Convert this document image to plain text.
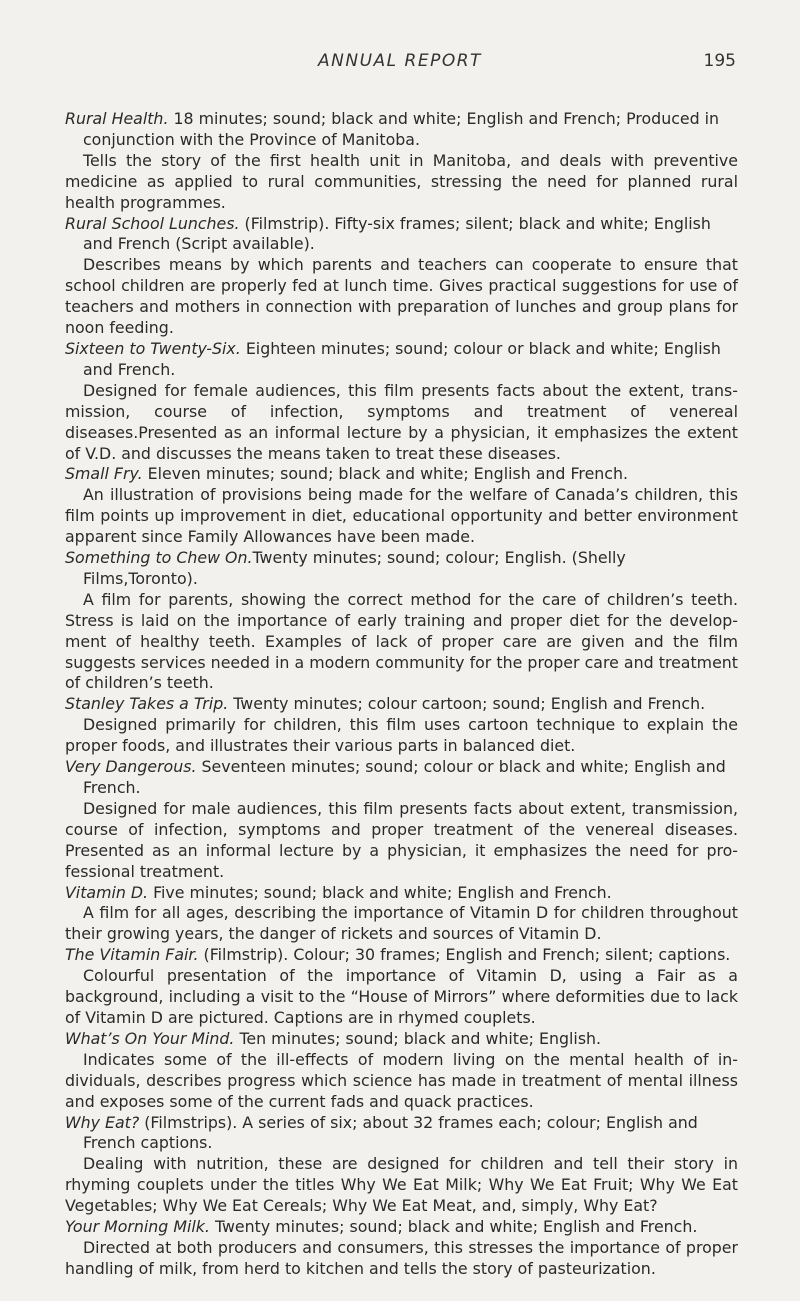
ANNUAL REPORT	195
Rural Health. 18 minutes; sound; black and white; English and French; Produced in conjunction with the Province of Manitoba.
Tells the story of the first health unit in Manitoba, and deals with preventive medicine as applied to rural communities, stressing the need for planned rural health programmes.
Rural School Lunches. (Filmstrip). Fifty-six frames; silent; black and white; English and French (Script available).
Describes means by which parents and teachers can cooperate to ensure that school children are properly fed at lunch time. Gives practical suggestions for use of teachers and mothers in connection with preparation of lunches and group plans for noon feeding.
Sixteen to Twenty-Six. Eighteen minutes; sound; colour or black and white; English and French.
Designed for female audiences, this film presents facts about the extent, transmission, course of infection, symptoms and treatment of venereal diseases.Presented as an informal lecture by a physician, it emphasizes the extent of V.D. and discusses the means taken to treat these diseases.
Small Fry. Eleven minutes; sound; black and white; English and French.
An illustration of provisions being made for the welfare of Canada’s children, this film points up improvement in diet, educational opportunity and better environment apparent since Family Allowances have been made.
Something to Chew On.Twenty minutes; sound; colour; English. (Shelly Films,Toronto).
A film for parents, showing the correct method for the care of children’s teeth. Stress is laid on the importance of early training and proper diet for the development of healthy teeth. Examples of lack of proper care are given and the film suggests services needed in a modern community for the proper care and treatment of children’s teeth.
Stanley Takes a Trip. Twenty minutes; colour cartoon; sound; English and French.
Designed primarily for children, this film uses cartoon technique to explain the proper foods, and illustrates their various parts in balanced diet.
Very Dangerous. Seventeen minutes; sound; colour or black and white; English and French.
Designed for male audiences, this film presents facts about extent, transmission, course of infection, symptoms and proper treatment of the venereal diseases. Presented as an informal lecture by a physician, it emphasizes the need for professional treatment.
Vitamin D. Five minutes; sound; black and white; English and French.
A film for all ages, describing the importance of Vitamin D for children throughout their growing years, the danger of rickets and sources of Vitamin D.
The Vitamin Fair. (Filmstrip). Colour; 30 frames; English and French; silent; captions.
Colourful presentation of the importance of Vitamin D, using a Fair as a background, including a visit to the “House of Mirrors” where deformities due to lack of Vitamin D are pictured. Captions are in rhymed couplets.
What’s On Your Mind. Ten minutes; sound; black and white; English.
Indicates some of the ill-effects of modern living on the mental health of individuals, describes progress which science has made in treatment of mental illness and exposes some of the current fads and quack practices.
Why Eat? (Filmstrips). A series of six; about 32 frames each; colour; English and French captions.
Dealing with nutrition, these are designed for children and tell their story in rhyming couplets under the titles Why We Eat Milk; Why We Eat Fruit; Why We Eat Vegetables; Why We Eat Cereals; Why We Eat Meat, and, simply, Why Eat?
Your Morning Milk. Twenty minutes; sound; black and white; English and French.
Directed at both producers and consumers, this stresses the importance of proper handling of milk, from herd to kitchen and tells the story of pasteurization.
